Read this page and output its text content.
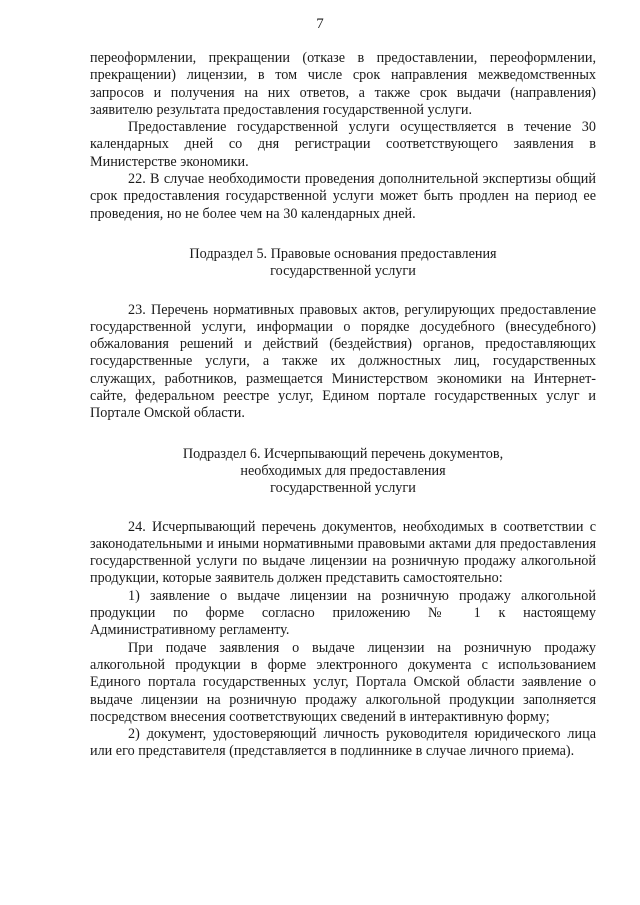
7

переоформлении, прекращении (отказе в предоставлении, переоформлении, прекращении) лицензии, в том числе срок направления межведомственных запросов и получения на них ответов, а также срок выдачи (направления) заявителю результата предоставления государственной услуги.

Предоставление государственной услуги осуществляется в течение 30 календарных дней со дня регистрации соответствующего заявления в Министерстве экономики.

22. В случае необходимости проведения дополнительной экспертизы общий срок предоставления государственной услуги может быть продлен на период ее проведения, но не более чем на 30 календарных дней.

Подраздел 5. Правовые основания предоставления
государственной услуги

23. Перечень нормативных правовых актов, регулирующих предоставление государственной услуги, информации о порядке досудебного (внесудебного) обжалования решений и действий (бездействия) органов, предоставляющих государственные услуги, а также их должностных лиц, государственных служащих, работников, размещается Министерством экономики на Интернет-сайте, федеральном реестре услуг, Едином портале государственных услуг и Портале Омской области.

Подраздел 6. Исчерпывающий перечень документов,
необходимых для предоставления
государственной услуги

24. Исчерпывающий перечень документов, необходимых в соответствии с законодательными и иными нормативными правовыми актами для предоставления государственной услуги по выдаче лицензии на розничную продажу алкогольной продукции, которые заявитель должен представить самостоятельно:

1) заявление о выдаче лицензии на розничную продажу алкогольной продукции по форме согласно приложению № 1 к настоящему Административному регламенту.

При подаче заявления о выдаче лицензии на розничную продажу алкогольной продукции в форме электронного документа с использованием Единого портала государственных услуг, Портала Омской области заявление о выдаче лицензии на розничную продажу алкогольной продукции заполняется посредством внесения соответствующих сведений в интерактивную форму;

2) документ, удостоверяющий личность руководителя юридического лица или его представителя (представляется в подлиннике в случае личного приема).
